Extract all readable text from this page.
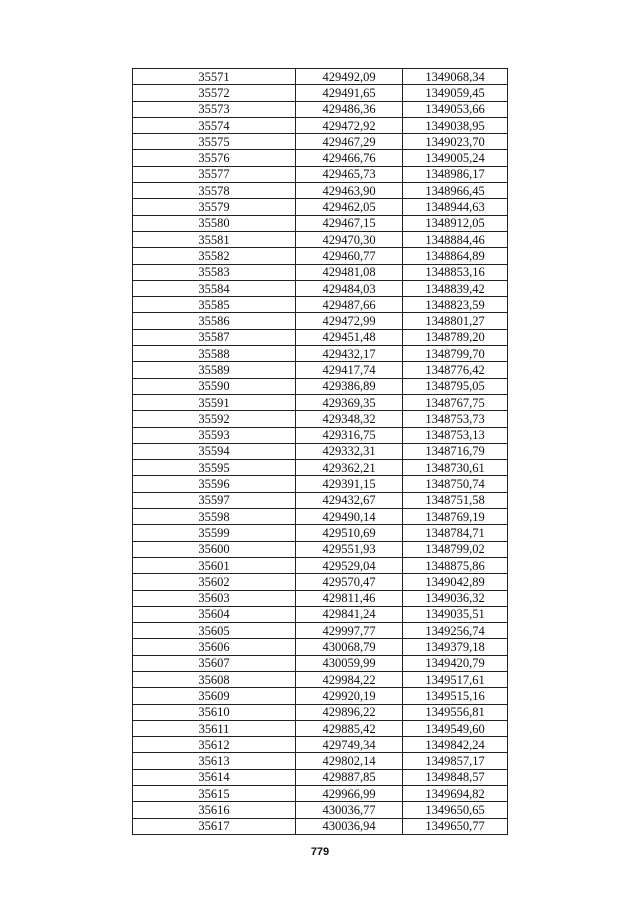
35571	429492,09	1349068,34
35572	429491,65	1349059,45
35573	429486,36	1349053,66
35574	429472,92	1349038,95
35575	429467,29	1349023,70
35576	429466,76	1349005,24
35577	429465,73	1348986,17
35578	429463,90	1348966,45
35579	429462,05	1348944,63
35580	429467,15	1348912,05
35581	429470,30	1348884,46
35582	429460,77	1348864,89
35583	429481,08	1348853,16
35584	429484,03	1348839,42
35585	429487,66	1348823,59
35586	429472,99	1348801,27
35587	429451,48	1348789,20
35588	429432,17	1348799,70
35589	429417,74	1348776,42
35590	429386,89	1348795,05
35591	429369,35	1348767,75
35592	429348,32	1348753,73
35593	429316,75	1348753,13
35594	429332,31	1348716,79
35595	429362,21	1348730,61
35596	429391,15	1348750,74
35597	429432,67	1348751,58
35598	429490,14	1348769,19
35599	429510,69	1348784,71
35600	429551,93	1348799,02
35601	429529,04	1348875,86
35602	429570,47	1349042,89
35603	429811,46	1349036,32
35604	429841,24	1349035,51
35605	429997,77	1349256,74
35606	430068,79	1349379,18
35607	430059,99	1349420,79
35608	429984,22	1349517,61
35609	429920,19	1349515,16
35610	429896,22	1349556,81
35611	429885,42	1349549,60
35612	429749,34	1349842,24
35613	429802,14	1349857,17
35614	429887,85	1349848,57
35615	429966,99	1349694,82
35616	430036,77	1349650,65
35617	430036,94	1349650,77
779
